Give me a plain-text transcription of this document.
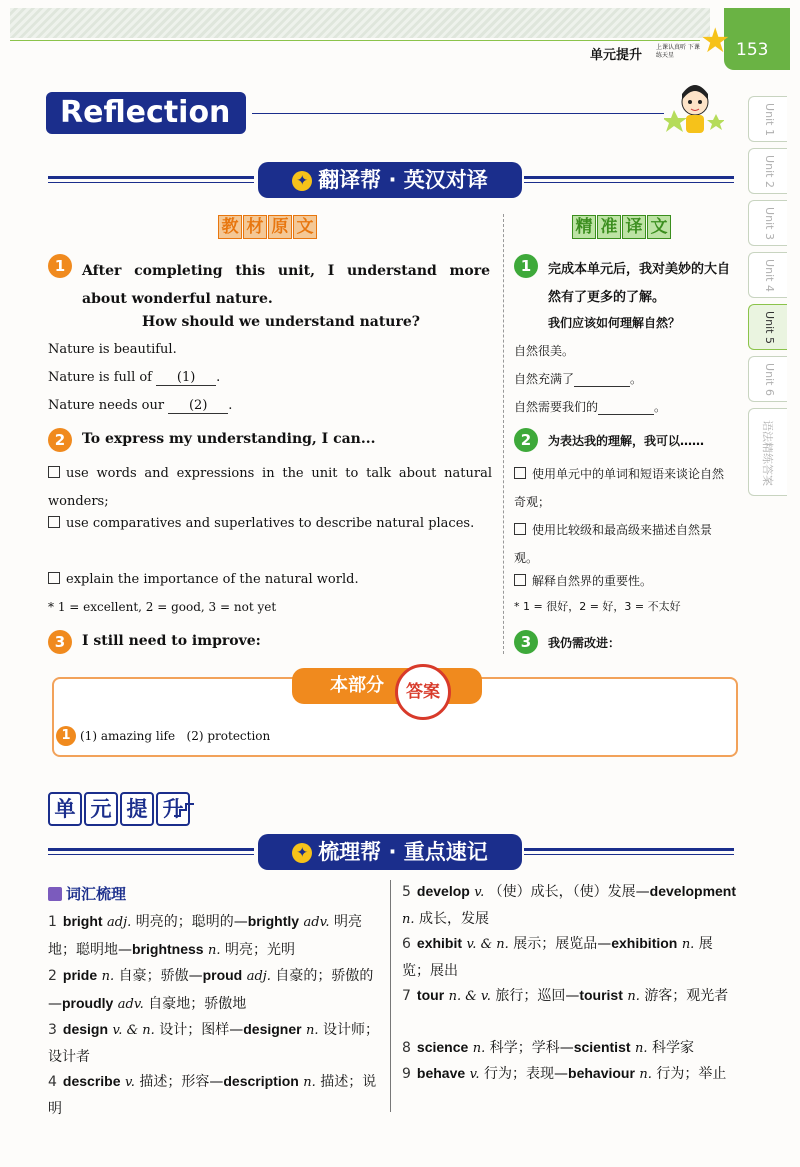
单元提升
上课认真听 下课练天星 ★ 153
Reflection	Unit 1
Unit 2
Unit 3
Unit 4
Unit 5
Unit 6
语法精练答案
✦ 翻译帮 · 英汉对译
教 材 原 文	精 准 译 文
1	After completing this unit, I understand more about wonderful nature.
How should we understand nature?
Nature is beautiful.
Nature is full of (1) .
Nature needs our (2) .
2	To express my understanding, I can...
use words and expressions in the unit to talk about natural wonders;
use comparatives and superlatives to describe natural places.
explain the importance of the natural world.
* 1 = excellent, 2 = good, 3 = not yet
3	I still need to improve:
1	完成本单元后，我对美妙的大自然有了更多的了解。
我们应该如何理解自然？
自然很美。
自然充满了	。
自然需要我们的	。
2	为表达我的理解，我可以……
使用单元中的单词和短语来谈论自然奇观；
使用比较级和最高级来描述自然景观。
解释自然界的重要性。
* 1 = 很好，2 = 好，3 = 不太好
3	我仍需改进：
本部分	答案
1 (1) amazing life   (2) protection
单 元 提 升
✦ 梳理帮 · 重点速记
词汇梳理
1 bright adj. 明亮的；聪明的—brightly adv. 明亮地；聪明地—brightness n. 明亮；光明
2 pride n. 自豪；骄傲—proud adj. 自豪的；骄傲的—proudly adv. 自豪地；骄傲地
3 design v. & n. 设计；图样—designer n. 设计师；设计者
4 describe v. 描述；形容—description n. 描述；说明
5 develop v. （使）成长，（使）发展—development n. 成长，发展
6 exhibit v. & n. 展示；展览品—exhibition n. 展览；展出
7 tour n. & v. 旅行；巡回—tourist n. 游客；观光者
8 science n. 科学；学科—scientist n. 科学家
9 behave v. 行为；表现—behaviour n. 行为；举止
